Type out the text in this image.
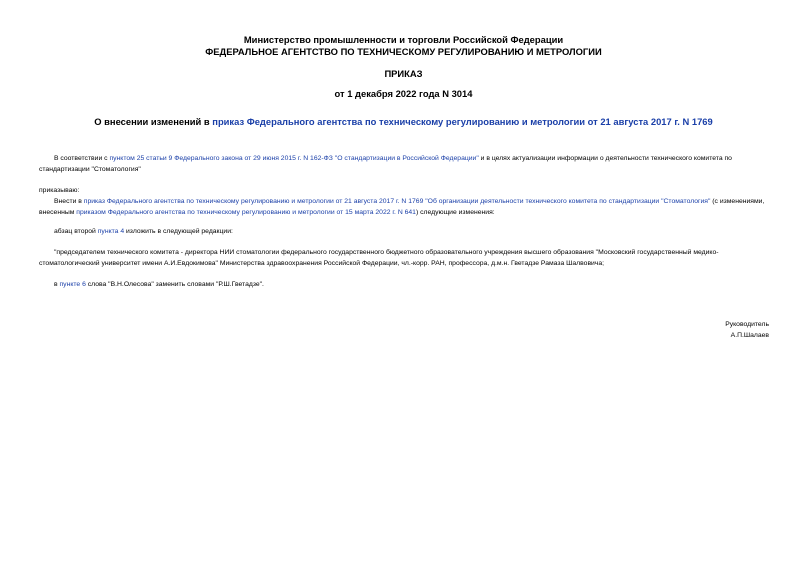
Министерство промышленности и торговли Российской Федерации
ФЕДЕРАЛЬНОЕ АГЕНТСТВО ПО ТЕХНИЧЕСКОМУ РЕГУЛИРОВАНИЮ И МЕТРОЛОГИИ
ПРИКАЗ
от 1 декабря 2022 года N 3014
О внесении изменений в приказ Федерального агентства по техническому регулированию и метрологии от 21 августа 2017 г. N 1769
В соответствии с пунктом 25 статьи 9 Федерального закона от 29 июня 2015 г. N 162-ФЗ "О стандартизации в Российской Федерации" и в целях актуализации информации о деятельности технического комитета по стандартизации "Стоматология"
приказываю:
Внести в приказ Федерального агентства по техническому регулированию и метрологии от 21 августа 2017 г. N 1769 "Об организации деятельности технического комитета по стандартизации "Стоматология" (с изменениями, внесенным приказом Федерального агентства по техническому регулированию и метрологии от 15 марта 2022 г. N 641) следующие изменения:
абзац второй пункта 4 изложить в следующей редакции:
"председателем технического комитета - директора НИИ стоматологии федерального государственного бюджетного образовательного учреждения высшего образования "Московский государственный медико-стоматологический университет имени А.И.Евдокимова" Министерства здравоохранения Российской Федерации, чл.-корр. РАН, профессора, д.м.н. Гветадзе Рамаза Шалвовича;
в пункте 6 слова "В.Н.Олесова" заменить словами "Р.Ш.Гветадзе".
Руководитель
А.П.Шалаев
